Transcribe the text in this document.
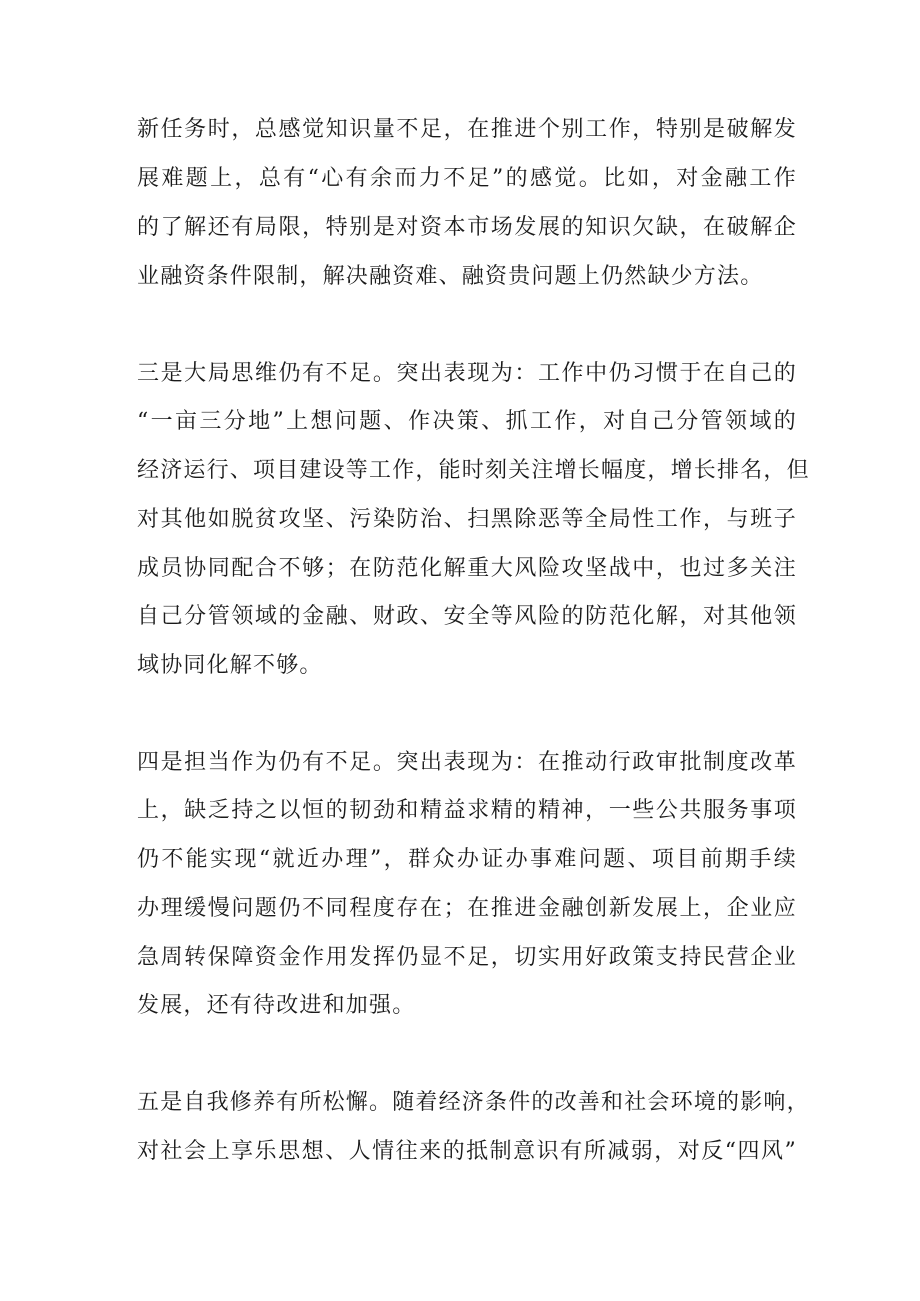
新任务时，总感觉知识量不足，在推进个别工作，特别是破解发
展难题上，总有“心有余而力不足”的感觉。比如，对金融工作
的了解还有局限，特别是对资本市场发展的知识欠缺，在破解企
业融资条件限制，解决融资难、融资贵问题上仍然缺少方法。
三是大局思维仍有不足。突出表现为：工作中仍习惯于在自己的
“一亩三分地”上想问题、作决策、抓工作，对自己分管领域的
经济运行、项目建设等工作，能时刻关注增长幅度，增长排名，但
对其他如脱贫攻坚、污染防治、扫黑除恶等全局性工作，与班子
成员协同配合不够；在防范化解重大风险攻坚战中，也过多关注
自己分管领域的金融、财政、安全等风险的防范化解，对其他领
域协同化解不够。
四是担当作为仍有不足。突出表现为：在推动行政审批制度改革
上，缺乏持之以恒的韧劲和精益求精的精神，一些公共服务事项
仍不能实现“就近办理”，群众办证办事难问题、项目前期手续
办理缓慢问题仍不同程度存在；在推进金融创新发展上，企业应
急周转保障资金作用发挥仍显不足，切实用好政策支持民营企业
发展，还有待改进和加强。
五是自我修养有所松懈。随着经济条件的改善和社会环境的影响，
对社会上享乐思想、人情往来的抵制意识有所减弱，对反“四风”
